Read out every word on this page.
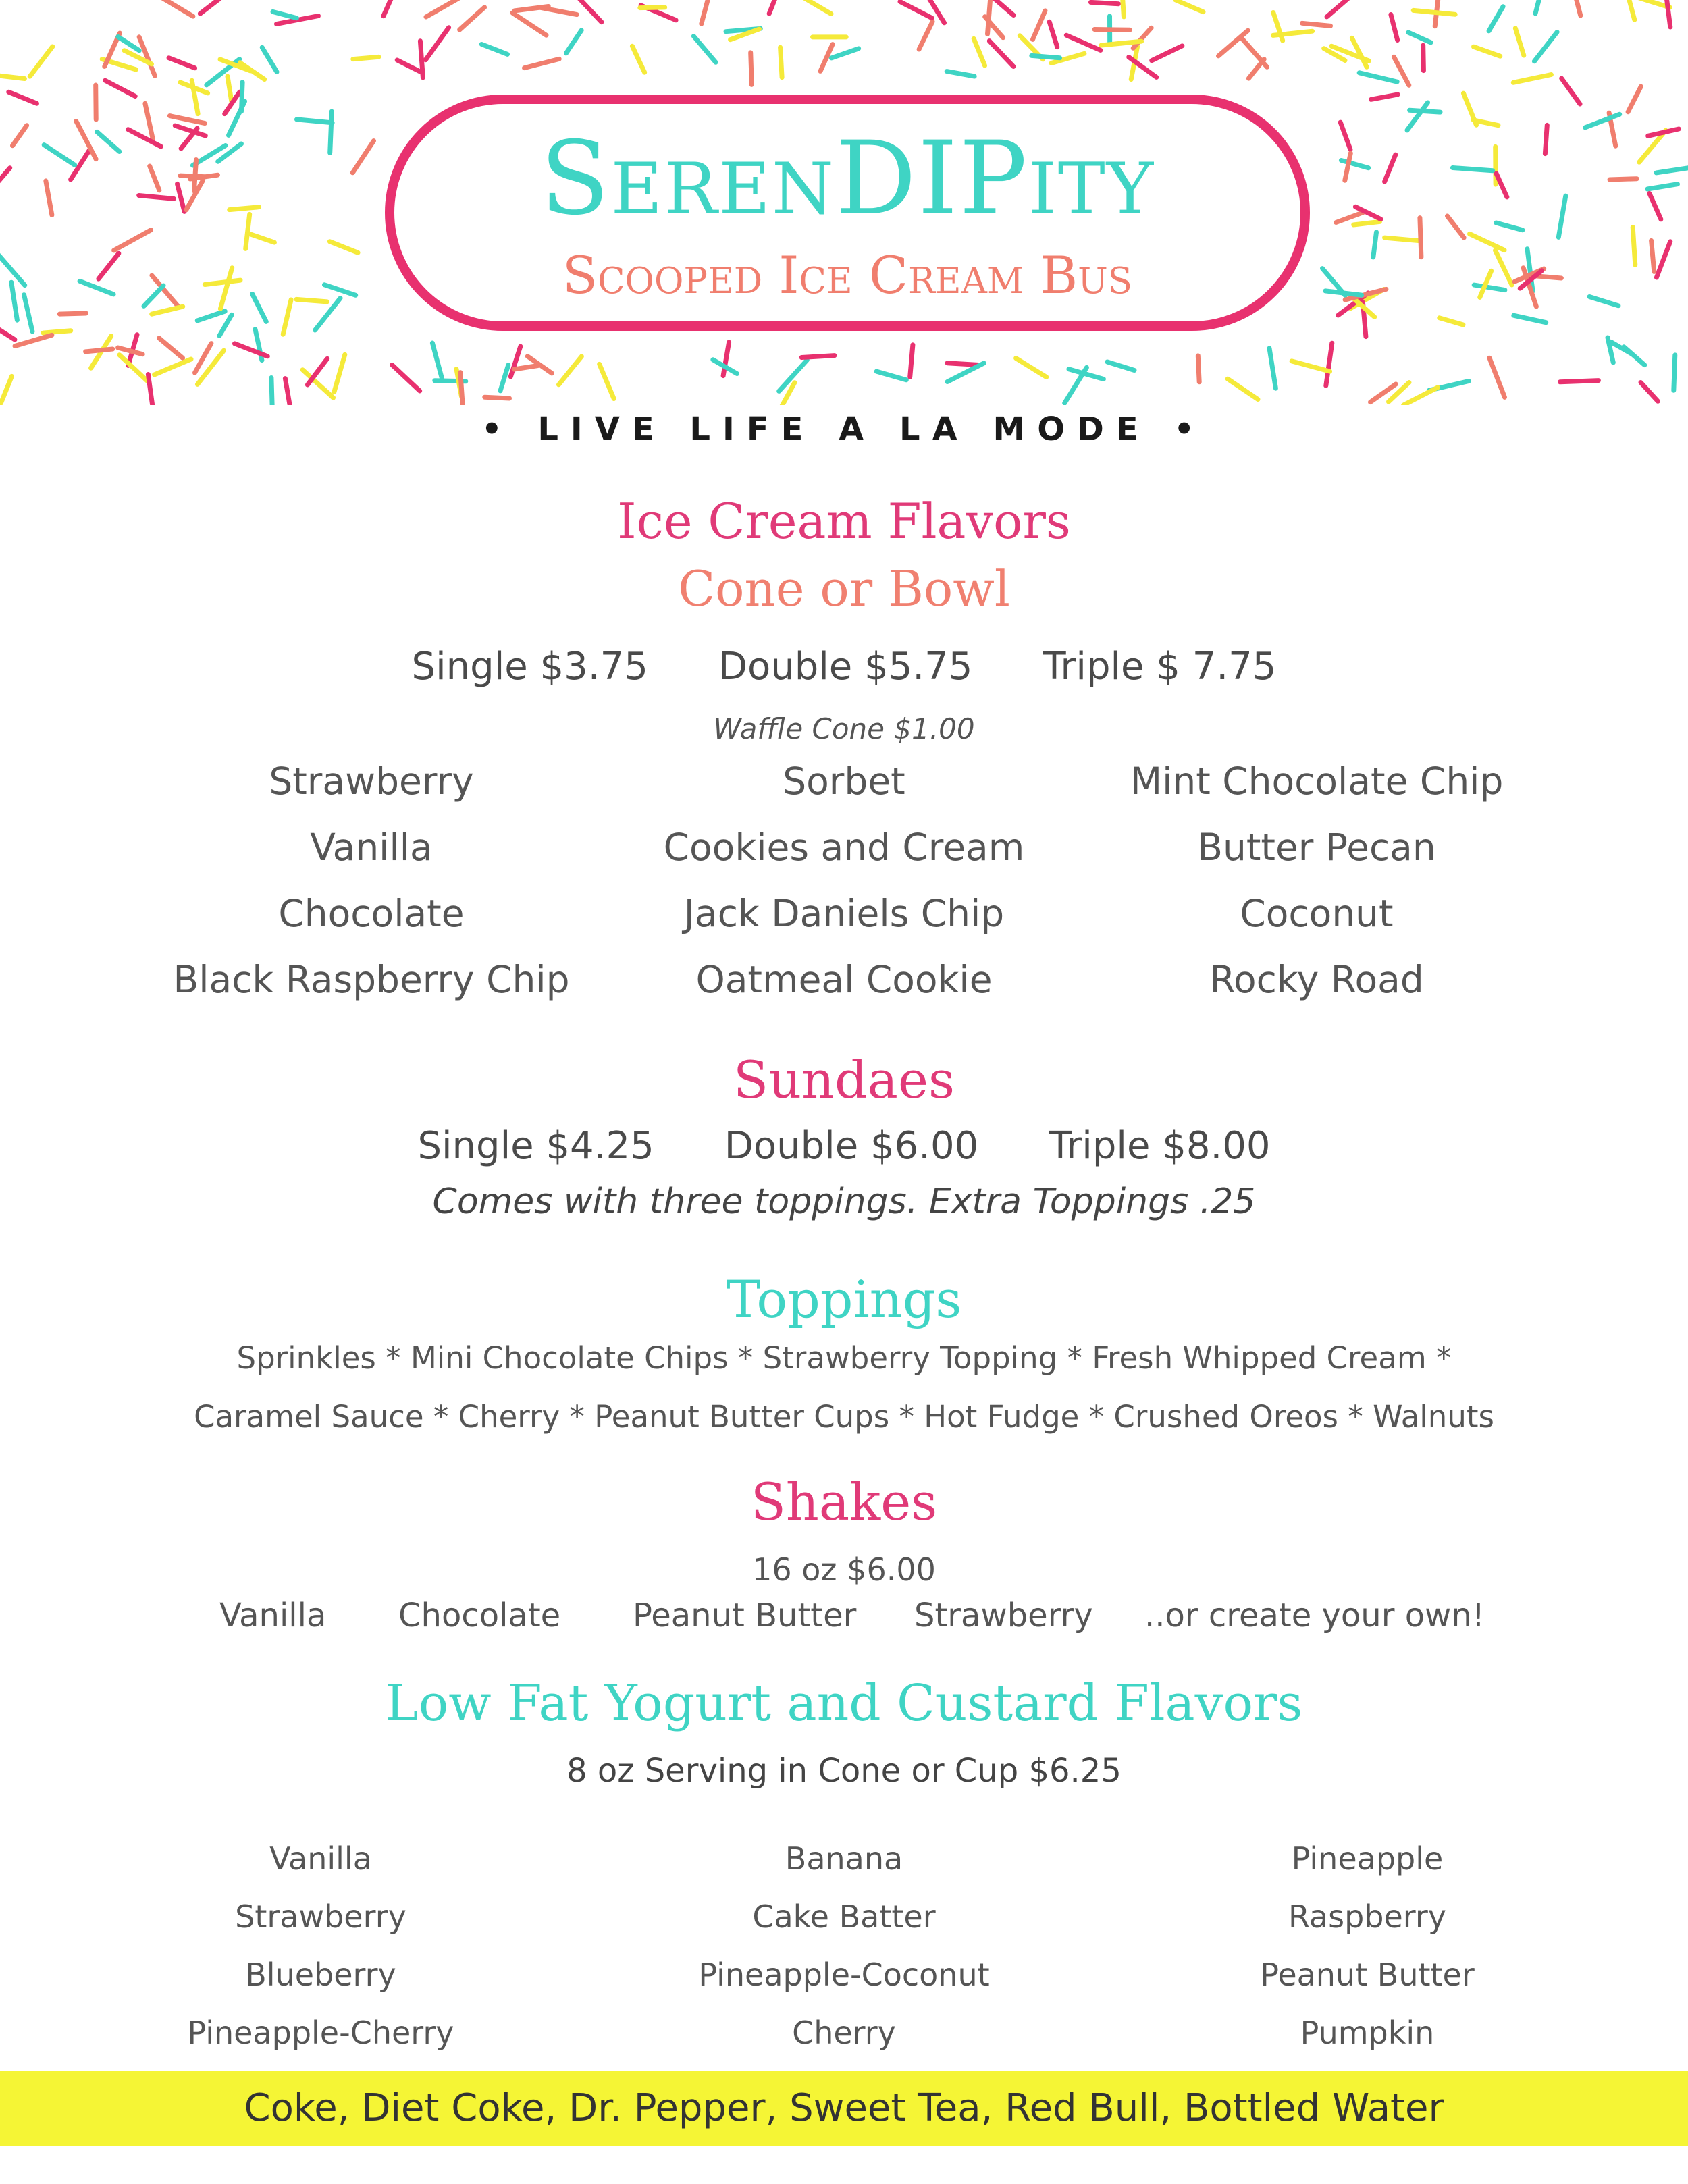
SerenDIPity
Scooped Ice Cream Bus
• LIVE LIFE A LA MODE •
Ice Cream Flavors
Cone or Bowl
Single $3.75 Double $5.75 Triple $ 7.75
Waffle Cone $1.00
Strawberry
Vanilla
Chocolate
Black Raspberry Chip
Sorbet
Cookies and Cream
Jack Daniels Chip
Oatmeal Cookie
Mint Chocolate Chip
Butter Pecan
Coconut
Rocky Road
Sundaes
Single $4.25 Double $6.00 Triple $8.00
Comes with three toppings. Extra Toppings .25
Toppings
Sprinkles * Mini Chocolate Chips * Strawberry Topping * Fresh Whipped Cream *
Caramel Sauce * Cherry * Peanut Butter Cups * Hot Fudge * Crushed Oreos * Walnuts
Shakes
16 oz $6.00
Vanilla Chocolate Peanut Butter Strawberry ..or create your own!
Low Fat Yogurt and Custard Flavors
8 oz Serving in Cone or Cup $6.25
Vanilla
Strawberry
Blueberry
Pineapple-Cherry
Banana
Cake Batter
Pineapple-Coconut
Cherry
Pineapple
Raspberry
Peanut Butter
Pumpkin
Coke, Diet Coke, Dr. Pepper, Sweet Tea, Red Bull, Bottled Water
